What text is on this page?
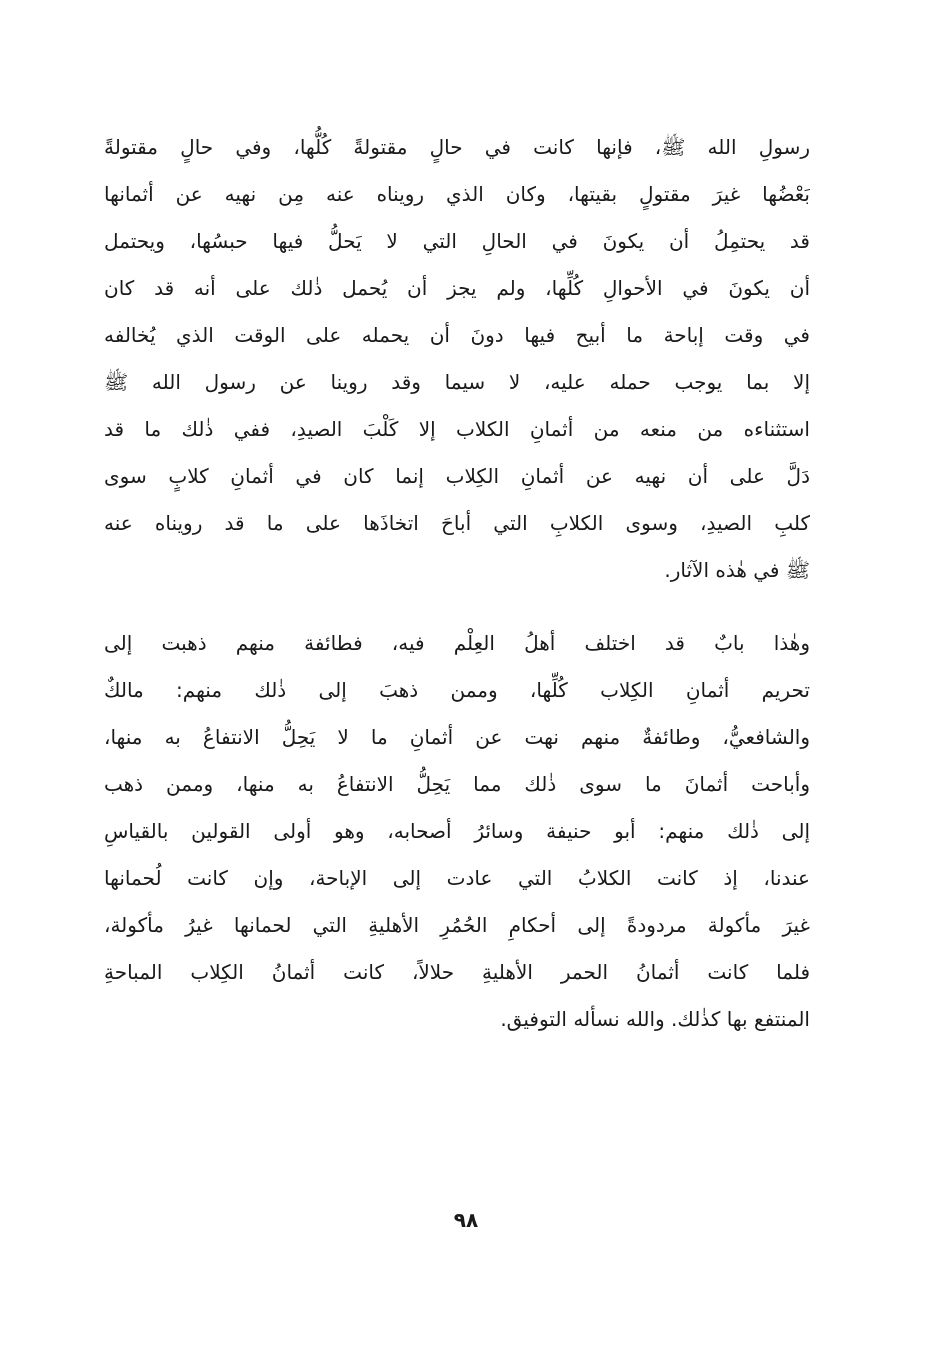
رسولِ الله ﷺ، فإنها كانت في حالٍ مقتولةً كُلُّها، وفي حالٍ مقتولةً
بَعْضُها غيرَ مقتولٍ بقيتها، وكان الذي رويناه عنه مِن نهيه عن أثمانها
قد يحتمِلُ أن يكونَ في الحالِ التي لا يَحلُّ فيها حبسُها، ويحتمل
أن يكونَ في الأحوالِ كُلِّها، ولم يجز أن يُحمل ذٰلك على أنه قد كان
في وقت إباحة ما أبيح فيها دونَ أن يحمله على الوقت الذي يُخالفه
إلا بما يوجب حمله عليه، لا سيما وقد روينا عن رسول الله ﷺ
استثناءه من منعه من أثمانِ الكلاب إلا كَلْبَ الصيدِ، ففي ذٰلك ما قد
دَلَّ على أن نهيه عن أثمانِ الكِلاب إنما كان في أثمانِ كلابٍ سوى
كلبِ الصيدِ، وسوى الكلابِ التي أباحَ اتخاذَها على ما قد رويناه عنه
ﷺ في هٰذه الآثار.
وهٰذا بابٌ قد اختلف أهلُ العِلْم فيه، فطائفة منهم ذهبت إلى
تحريم أثمانِ الكِلاب كُلِّها، وممن ذهبَ إلى ذٰلك منهم: مالكٌ
والشافعيُّ، وطائفةٌ منهم نهت عن أثمانِ ما لا يَحِلُّ الانتفاعُ به منها،
وأباحت أثمانَ ما سوى ذٰلك مما يَحِلُّ الانتفاعُ به منها، وممن ذهب
إلى ذٰلك منهم: أبو حنيفة وسائرُ أصحابه، وهو أولى القولين بالقياسِ
عندنا، إذ كانت الكلابُ التي عادت إلى الإباحة، وإن كانت لُحمانها
غيرَ مأكولة مردودةً إلى أحكامِ الحُمُرِ الأهليةِ التي لحمانها غيرُ مأكولة،
فلما كانت أثمانُ الحمر الأهليةِ حلالاً، كانت أثمانُ الكِلاب المباحةِ
المنتفع بها كذٰلك. والله نسأله التوفيق.
٩٨
